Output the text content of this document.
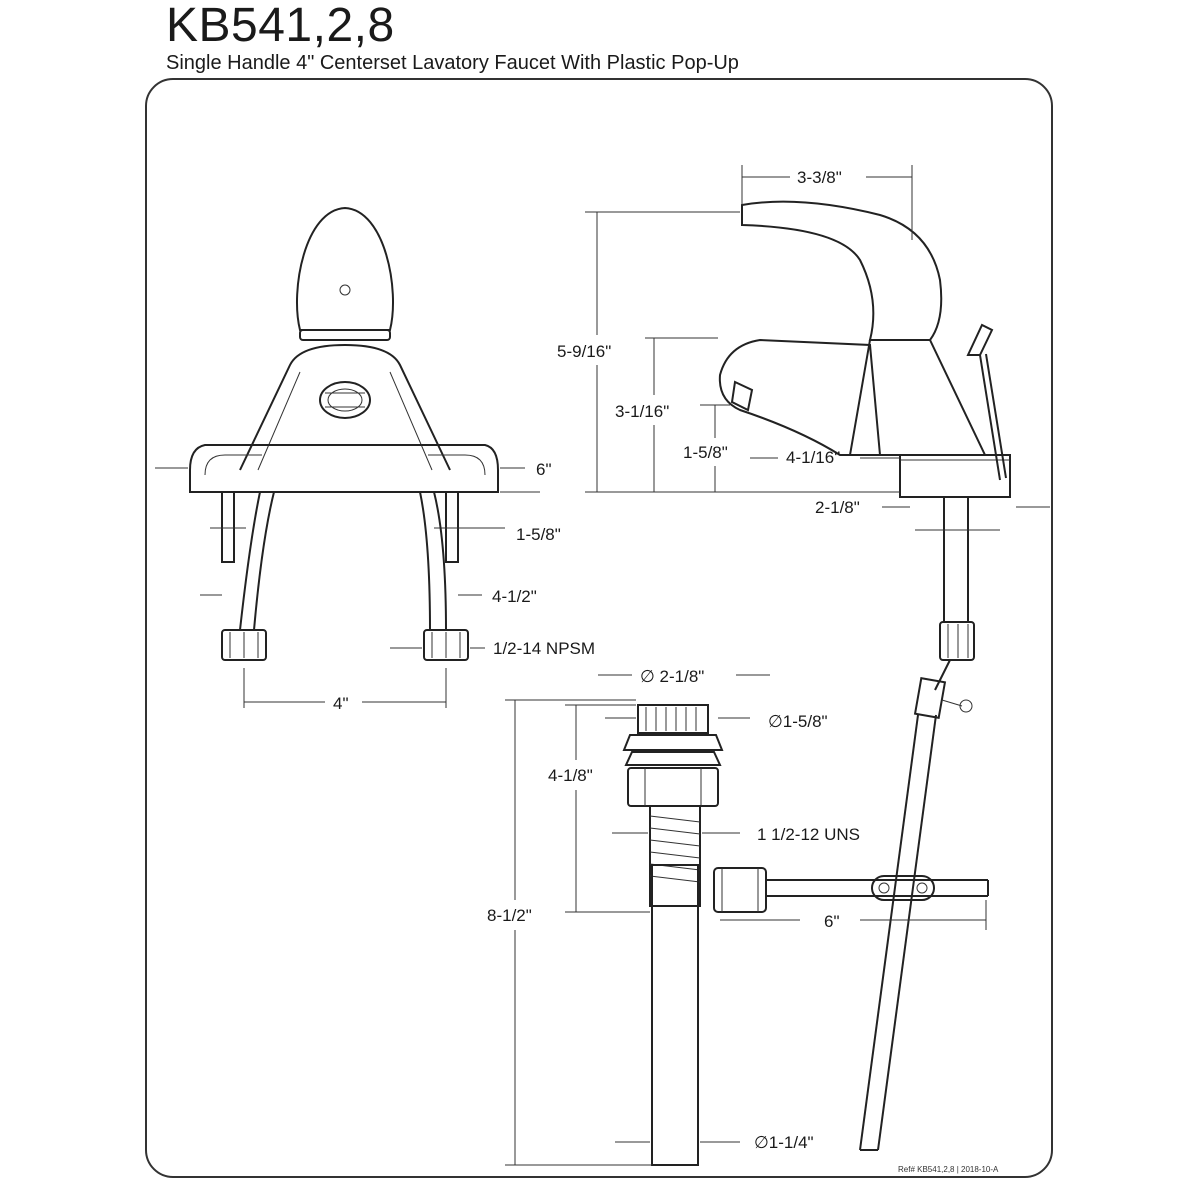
KB541,2,8

Single Handle 4" Centerset Lavatory Faucet With Plastic Pop-Up

6"
1-5/8"
4-1/2"
1/2-14 NPSM
4"
3-3/8"
5-9/16"
3-1/16"
1-5/8"	4-1/16"
2-1/8"
∅ 2-1/8"
∅1-5/8"
4-1/8"
1 1/2-12 UNS
8-1/2"	6"
∅1-1/4"
Ref# KB541,2,8 | 2018-10-A
